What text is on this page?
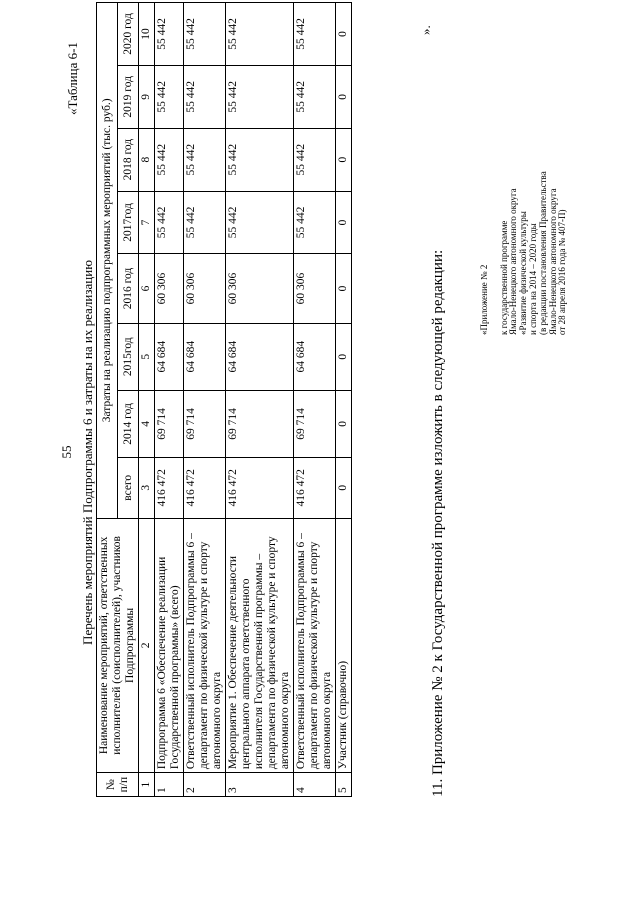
55
«Таблица 6-1
Перечень мероприятий Подпрограммы 6 и затраты на их реализацию
№ п/п	Наименование мероприятий, ответственных исполнителей (соисполнителей), участников Подпрограммы	Затраты на реализацию подпрограммных мероприятий (тыс. руб.)							
		всего	2014 год	2015год	2016 год	2017год	2018 год	2019 год	2020 год
1	2	3	4	5	6	7	8	9	10
1	Подпрограмма 6 «Обеспечение реализации Государственной программы» (всего)	416 472	69 714	64 684	60 306	55 442	55 442	55 442	55 442
2	Ответственный исполнитель Подпрограммы 6 – департамент по физической культуре и спорту автономного округа	416 472	69 714	64 684	60 306	55 442	55 442	55 442	55 442
3	Мероприятие 1. Обеспечение деятельности центрального аппарата ответственного исполнителя Государственной программы – департамента по физической культуре и спорту автономного округа	416 472	69 714	64 684	60 306	55 442	55 442	55 442	55 442
4	Ответственный исполнитель Подпрограммы 6 – департамент по физической культуре и спорту автономного округа	416 472	69 714	64 684	60 306	55 442	55 442	55 442	55 442
5	Участник (справочно)	0	0	0	0	0	0	0	0	».
11. Приложение № 2 к Государственной программе изложить в следующей редакции:	«Приложение № 2
к государственной программе Ямало-Ненецкого автономного округа «Развитие физической культуры и спорта на 2014 – 2020 годы (в редакции постановления Правительства Ямало-Ненецкого автономного округа от 28 апреля 2016 года № 407-П)
